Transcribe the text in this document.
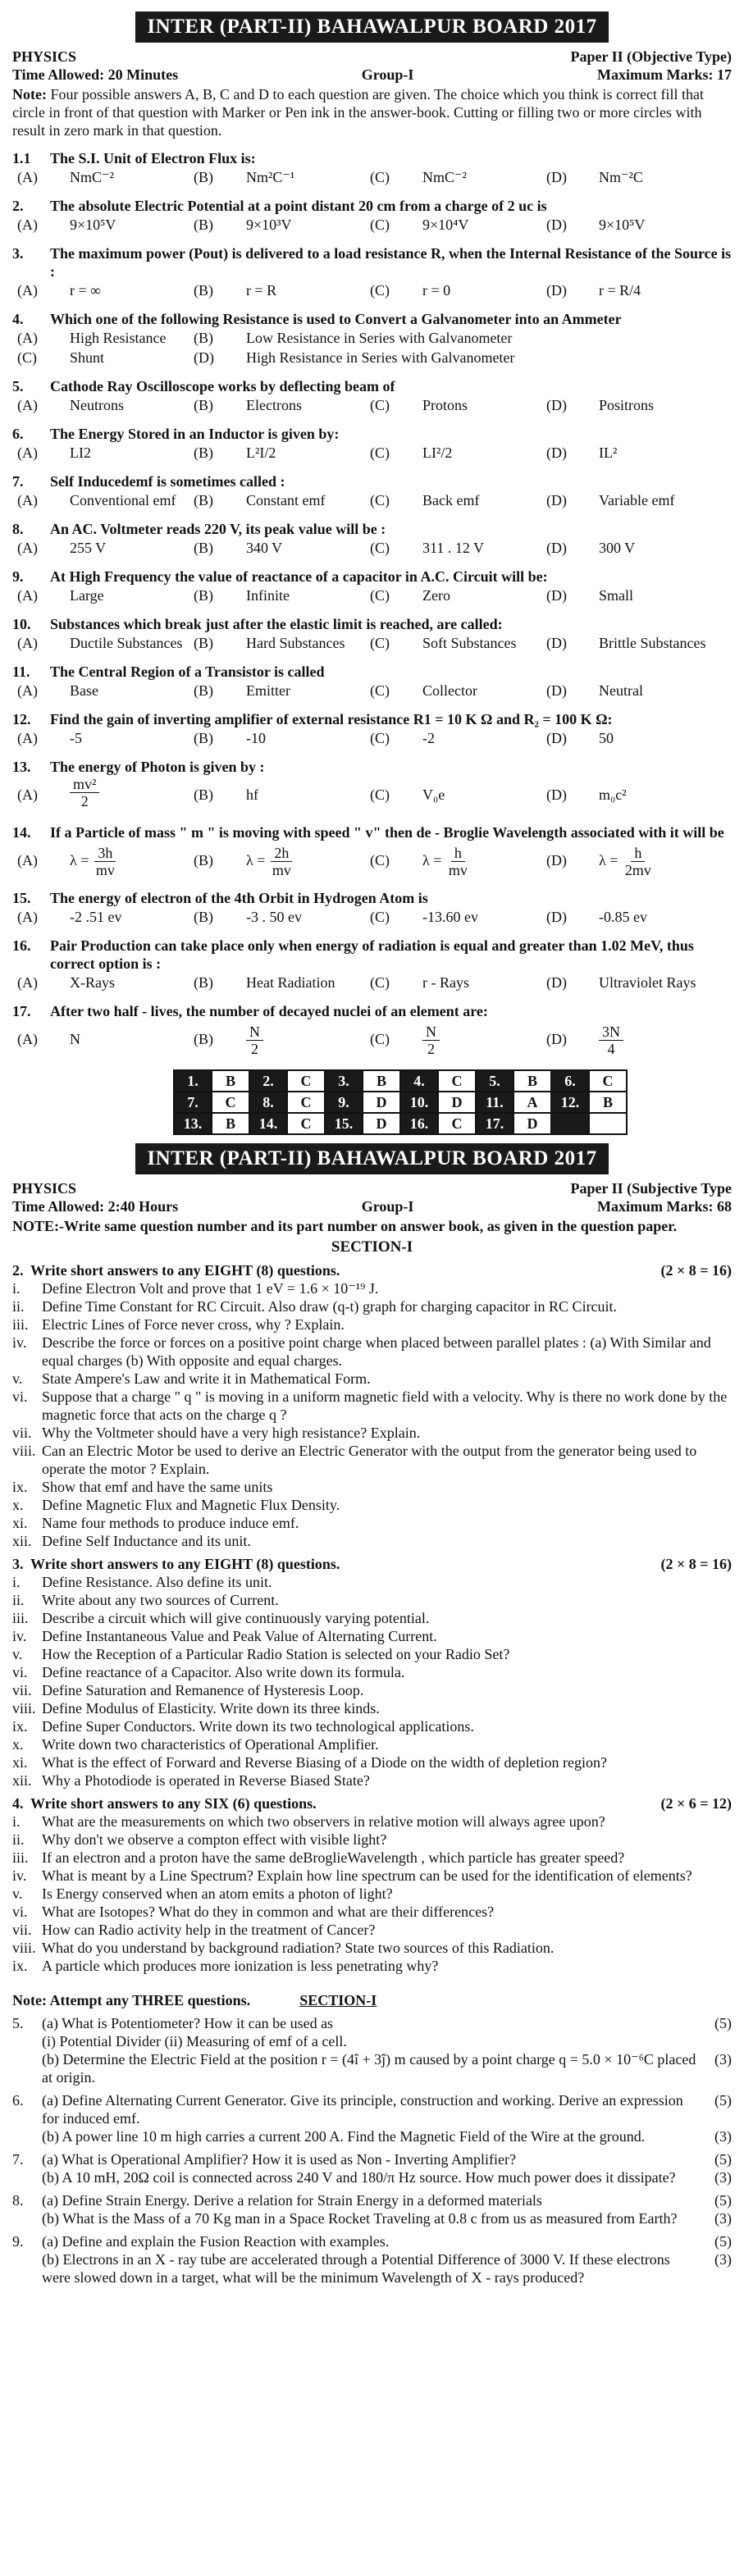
INTER (PART-II) BAHAWALPUR BOARD 2017
PHYSICS	Paper II (Objective Type)
Time Allowed: 20 Minutes	Group-I	Maximum Marks: 17
Note: Four possible answers A, B, C and D to each question are given. The choice which you think is correct fill that circle in front of that question with Marker or Pen ink in the answer-book. Cutting or filling two or more circles with result in zero mark in that question.
1.1	The S.I. Unit of Electron Flux is:
(A)	NmC⁻²	(B)	Nm²C⁻¹	(C)	NmC⁻²	(D)	Nm⁻²C
2.	The absolute Electric Potential at a point distant 20 cm from a charge of 2 uc is
(A)	9×10⁵V	(B)	9×10³V	(C)	9×10⁴V	(D)	9×10⁵V
3.	The maximum power (Pout) is delivered to a load resistance R, when the Internal Resistance of the Source is :
(A)	r = ∞	(B)	r = R	(C)	r = 0	(D)	r = R/4
4.	Which one of the following Resistance is used to Convert a Galvanometer into an Ammeter
(A)	High Resistance (B)	Low Resistance in Series with Galvanometer
(C)	Shunt	(D)	High Resistance in Series with Galvanometer
5.	Cathode Ray Oscilloscope works by deflecting beam of
(A)	Neutrons	(B)	Electrons	(C)	Protons	(D)	Positrons
6.	The Energy Stored in an Inductor is given by:
(A)	LI2	(B)	L²I/2	(C)	LI²/2	(D)	IL²
7.	Self Inducedemf is sometimes called :
(A)	Conventional emf (B)	Constant emf	(C)	Back emf	(D)	Variable emf
8.	An AC. Voltmeter reads 220 V, its peak value will be :
(A)	255 V	(B)	340 V	(C)	311 . 12 V	(D)	300 V
9.	At High Frequency the value of reactance of a capacitor in A.C. Circuit will be:
(A)	Large	(B)	Infinite	(C)	Zero	(D)	Small
10.	Substances which break just after the elastic limit is reached, are called:
(A)	Ductile Substances (B)	Hard Substances (C)	Soft Substances (D)	Brittle Substances
11.	The Central Region of a Transistor is called
(A)	Base	(B)	Emitter	(C)	Collector	(D)	Neutral
12.	Find the gain of inverting amplifier of external resistance R1 = 10 K Ω and R₂ = 100 K Ω:
(A)	-5	(B)	-10	(C)	-2	(D)	50
13.	The energy of Photon is given by :
(A)	$\frac{\text{mv²}}{2}$	(B)	hf	(C)	V₀e	(D)	m₀c²
14.	If a Particle of mass " m " is moving with speed " v" then de - Broglie Wavelength associated with it will be
(A)	$\lambda = \frac{3h}{mv}$	(B)	$\lambda = \frac{2h}{mv}$	(C)	$\lambda = \frac{h}{mv}$	(D)	$\lambda = \frac{h}{2mv}$
15.	The energy of electron of the 4th Orbit in Hydrogen Atom is
(A)	-2 .51 ev	(B)	-3 . 50 ev	(C)	-13.60 ev	(D)	-0.85 ev
16.	Pair Production can take place only when energy of radiation is equal and greater than 1.02 MeV, thus correct option is :
(A)	X-Rays	(B)	Heat Radiation (C)	r - Rays	(D)	Ultraviolet Rays
17.	After two half - lives, the number of decayed nuclei of an element are:
(A)	N	(B)	$\frac{N}{2}$	(C)	$\frac{N}{2}$	(D)	$\frac{3N}{4}$
1.	B	2.	C	3.	B	4.	C	5.	B	6.	C
7.	C	8.	C	9.	D	10.	D	11.	A	12.	B
13.	B	14.	C	15.	D	16.	C	17.	D		
INTER (PART-II) BAHAWALPUR BOARD 2017
PHYSICS	Paper II (Subjective Type
Time Allowed: 2:40 Hours	Group-I	Maximum Marks: 68
NOTE:-Write same question number and its part number on answer book, as given in the question paper.
SECTION-I
2. Write short answers to any EIGHT (8) questions.	(2 × 8 = 16)
i.	Define Electron Volt and prove that 1 eV = 1.6 × 10⁻¹⁹ J.
ii.	Define Time Constant for RC Circuit. Also draw (q-t) graph for charging capacitor in RC Circuit.
iii. Electric Lines of Force never cross, why ? Explain.
iv.	Describe the force or forces on a positive point charge when placed between parallel plates : (a) With Similar and equal charges (b) With opposite and equal charges.
v.	State Ampere's Law and write it in Mathematical Form.
vi. Suppose that a charge " q " is moving in a uniform magnetic field with a velocity. Why is there no work done by the magnetic force that acts on the charge q ?
vii. Why the Voltmeter should have a very high resistance? Explain.
viii. Can an Electric Motor be used to derive an Electric Generator with the output from the generator being used to operate the motor ? Explain.
ix. Show that emf and have the same units
x.	Define Magnetic Flux and Magnetic Flux Density.
xi. Name four methods to produce induce emf.
xii. Define Self Inductance and its unit.
3. Write short answers to any EIGHT (8) questions.	(2 × 8 = 16)
i.	Define Resistance. Also define its unit.
ii.	Write about any two sources of Current.
iii. Describe a circuit which will give continuously varying potential.
iv.	Define Instantaneous Value and Peak Value of Alternating Current.
v.	How the Reception of a Particular Radio Station is selected on your Radio Set?
vi. Define reactance of a Capacitor. Also write down its formula.
vii. Define Saturation and Remanence of Hysteresis Loop.
viii. Define Modulus of Elasticity. Write down its three kinds.
ix. Define Super Conductors. Write down its two technological applications.
x.	Write down two characteristics of Operational Amplifier.
xi. What is the effect of Forward and Reverse Biasing of a Diode on the width of depletion region?
xii. Why a Photodiode is operated in Reverse Biased State?
4. Write short answers to any SIX (6) questions.	(2 × 6 = 12)
i.	What are the measurements on which two observers in relative motion will always agree upon?
ii.	Why don't we observe a compton effect with visible light?
iii. If an electron and a proton have the same deBroglieWavelength , which particle has greater speed?
iv.	What is meant by a Line Spectrum? Explain how line spectrum can be used for the identification of elements?
v.	Is Energy conserved when an atom emits a photon of light?
vi. What are Isotopes? What do they in common and what are their differences?
vii. How can Radio activity help in the treatment of Cancer?
viii. What do you understand by background radiation? State two sources of this Radiation.
ix. A particle which produces more ionization is less penetrating why?
Note: Attempt any THREE questions.	SECTION-I
5.	(a) What is Potentiometer? How it can be used as	(5)
(i) Potential Divider (ii) Measuring of emf of a cell.
(b) Determine the Electric Field at the position r = (4î + 3ĵ) m caused by a point charge q = 5.0 × 10⁻⁶C placed at origin.
(3)
6.	(a) Define Alternating Current Generator. Give its principle, construction and working. Derive an expression for induced emf.
(5)
(b) A power line 10 m high carries a current 200 A. Find the Magnetic Field of the Wire at the ground.	(3)
7.	(a) What is Operational Amplifier? How it is used as Non - Inverting Amplifier?	(5)
(b) A 10 mH, 20Ω coil is connected across 240 V and 180/π Hz source. How much power does it dissipate?	(3)
8.	(a) Define Strain Energy. Derive a relation for Strain Energy in a deformed materials	(5)
(b) What is the Mass of a 70 Kg man in a Space Rocket Traveling at 0.8 c from us as measured from Earth?	(3)
9.	(a) Define and explain the Fusion Reaction with examples.	(5)
(b) Electrons in an X - ray tube are accelerated through a Potential Difference of 3000 V. If these electrons were slowed down in a target, what will be the minimum Wavelength of X - rays produced?
(3)
